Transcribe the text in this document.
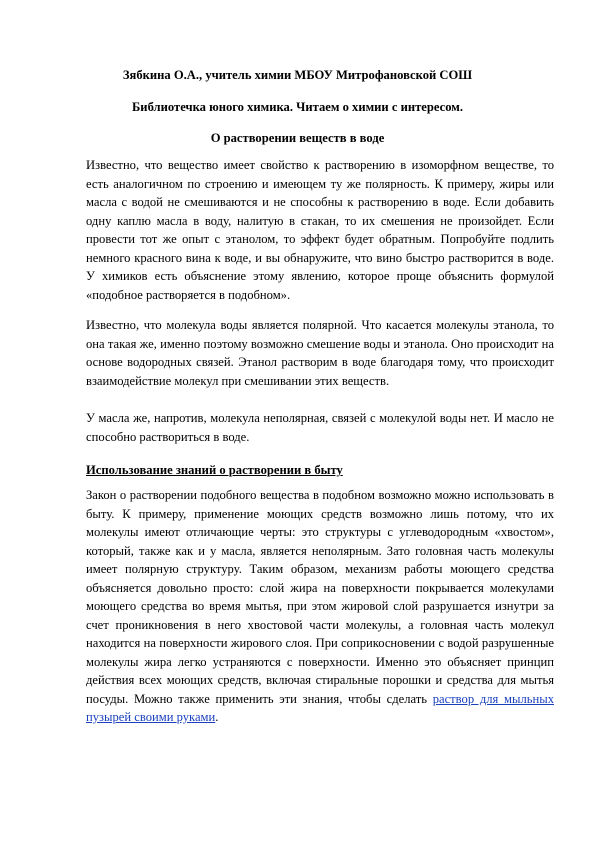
Зябкина О.А., учитель химии МБОУ Митрофановской СОШ
Библиотечка юного химика. Читаем о химии с интересом.
О растворении веществ в воде

Известно, что вещество имеет свойство к растворению в изоморфном веществе, то есть аналогичном по строению и имеющем ту же полярность. К примеру, жиры или масла с водой не смешиваются и не способны к растворению в воде. Если добавить одну каплю масла в воду, налитую в стакан, то их смешения не произойдет. Если провести тот же опыт с этанолом, то эффект будет обратным. Попробуйте подлить немного красного вина к воде, и вы обнаружите, что вино быстро растворится в воде. У химиков есть объяснение этому явлению, которое проще объяснить формулой «подобное растворяется в подобном».

Известно, что молекула воды является полярной. Что касается молекулы этанола, то она такая же, именно поэтому возможно смешение воды и этанола. Оно происходит на основе водородных связей. Этанол растворим в воде благодаря тому, что происходит взаимодействие молекул при смешивании этих веществ.

У масла же, напротив, молекула неполярная, связей с молекулой воды нет. И масло не способно раствориться в воде.

Использование знаний о растворении в быту

Закон о растворении подобного вещества в подобном возможно можно использовать в быту. К примеру, применение моющих средств возможно лишь потому, что их молекулы имеют отличающие черты: это структуры с углеводородным «хвостом», который, также как и у масла, является неполярным. Зато головная часть молекулы имеет полярную структуру. Таким образом, механизм работы моющего средства объясняется довольно просто: слой жира на поверхности покрывается молекулами моющего средства во время мытья, при этом жировой слой разрушается изнутри за счет проникновения в него хвостовой части молекулы, а головная часть молекул находится на поверхности жирового слоя. При соприкосновении с водой разрушенные молекулы жира легко устраняются с поверхности. Именно это объясняет принцип действия всех моющих средств, включая стиральные порошки и средства для мытья посуды. Можно также применить эти знания, чтобы сделать раствор для мыльных пузырей своими руками.
